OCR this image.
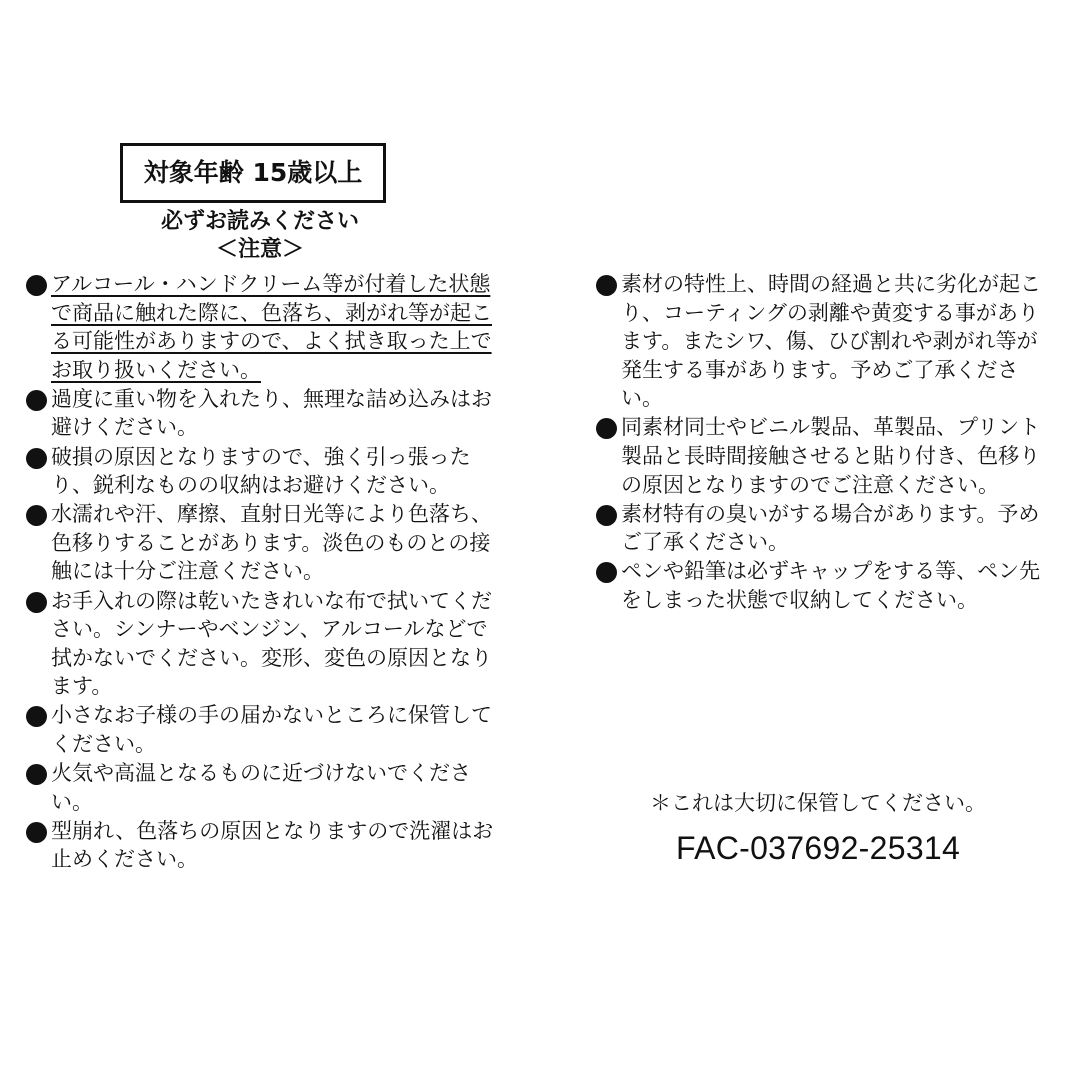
対象年齢 15歳以上
必ずお読みください
＜注意＞
アルコール・ハンドクリーム等が付着した状態で商品に触れた際に、色落ち、剥がれ等が起こる可能性がありますので、よく拭き取った上でお取り扱いください。
過度に重い物を入れたり、無理な詰め込みはお避けください。
破損の原因となりますので、強く引っ張ったり、鋭利なものの収納はお避けください。
水濡れや汗、摩擦、直射日光等により色落ち、色移りすることがあります。淡色のものとの接触には十分ご注意ください。
お手入れの際は乾いたきれいな布で拭いてください。シンナーやベンジン、アルコールなどで拭かないでください。変形、変色の原因となります。
小さなお子様の手の届かないところに保管してください。
火気や高温となるものに近づけないでください。
型崩れ、色落ちの原因となりますので洗濯はお止めください。
素材の特性上、時間の経過と共に劣化が起こり、コーティングの剥離や黄変する事があります。またシワ、傷、ひび割れや剥がれ等が発生する事があります。予めご了承ください。
同素材同士やビニル製品、革製品、プリント製品と長時間接触させると貼り付き、色移りの原因となりますのでご注意ください。
素材特有の臭いがする場合があります。予めご了承ください。
ペンや鉛筆は必ずキャップをする等、ペン先をしまった状態で収納してください。
＊これは大切に保管してください。
FAC-037692-25314
